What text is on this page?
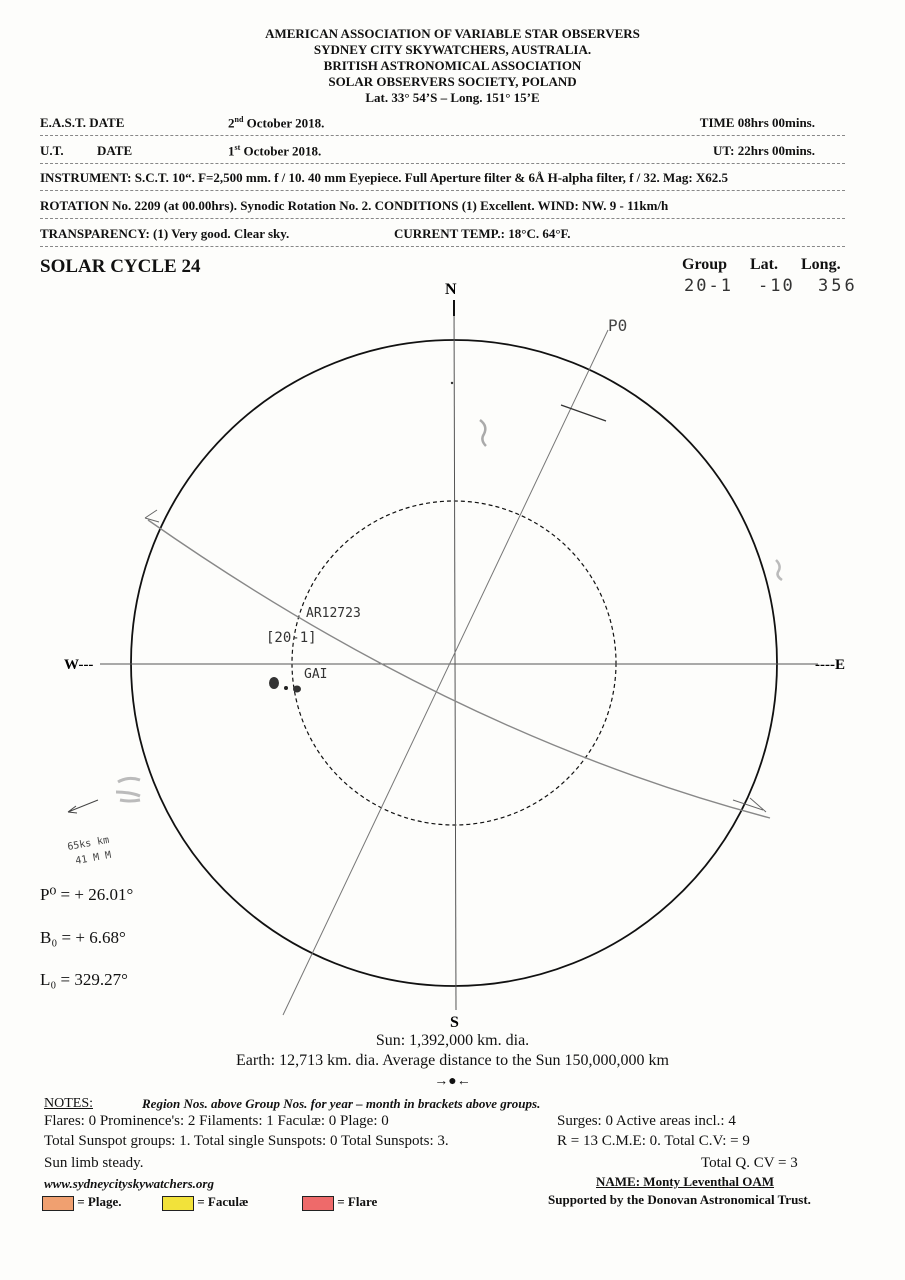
AMERICAN ASSOCIATION OF VARIABLE STAR OBSERVERS
SYDNEY CITY SKYWATCHERS, AUSTRALIA.
BRITISH ASTRONOMICAL ASSOCIATION
SOLAR OBSERVERS SOCIETY, POLAND
Lat. 33° 54’S – Long. 151° 15’E
E.A.S.T. DATE	2nd October 2018.	TIME 08hrs 00mins.
U.T.	DATE	1st October 2018.	UT: 22hrs 00mins.
INSTRUMENT: S.C.T. 10“. F=2,500 mm. f / 10. 40 mm Eyepiece. Full Aperture filter & 6Å H-alpha filter, f / 32. Mag: X62.5
ROTATION No. 2209 (at 00.00hrs). Synodic Rotation No. 2. CONDITIONS (1) Excellent. WIND: NW. 9 - 11km/h
TRANSPARENCY: (1) Very good. Clear sky.	CURRENT TEMP.: 18°C. 64°F.
SOLAR CYCLE 24	Group Lat. Long.
20-1 -10 356
N
S
W---	----E
P0
AR12723
[20-1]
GAI
65ks km
41 M M
P⁰ = + 26.01°
B₀ = + 6.68°
L₀ = 329.27°
Sun: 1,392,000 km. dia.
Earth: 12,713 km. dia. Average distance to the Sun 150,000,000 km
→●←
NOTES:	Region Nos. above Group Nos. for year – month in brackets above groups.
Flares: 0 Prominence's: 2 Filaments: 1 Faculæ: 0 Plage: 0	Surges: 0 Active areas incl.: 4
Total Sunspot groups: 1. Total single Sunspots: 0 Total Sunspots: 3.	R = 13 C.M.E: 0. Total C.V: = 9
Sun limb steady.	Total Q. CV = 3
www.sydneycityskywatchers.org	NAME: Monty Leventhal OAM
Supported by the Donovan Astronomical Trust.
= Plage.	= Faculæ	= Flare
